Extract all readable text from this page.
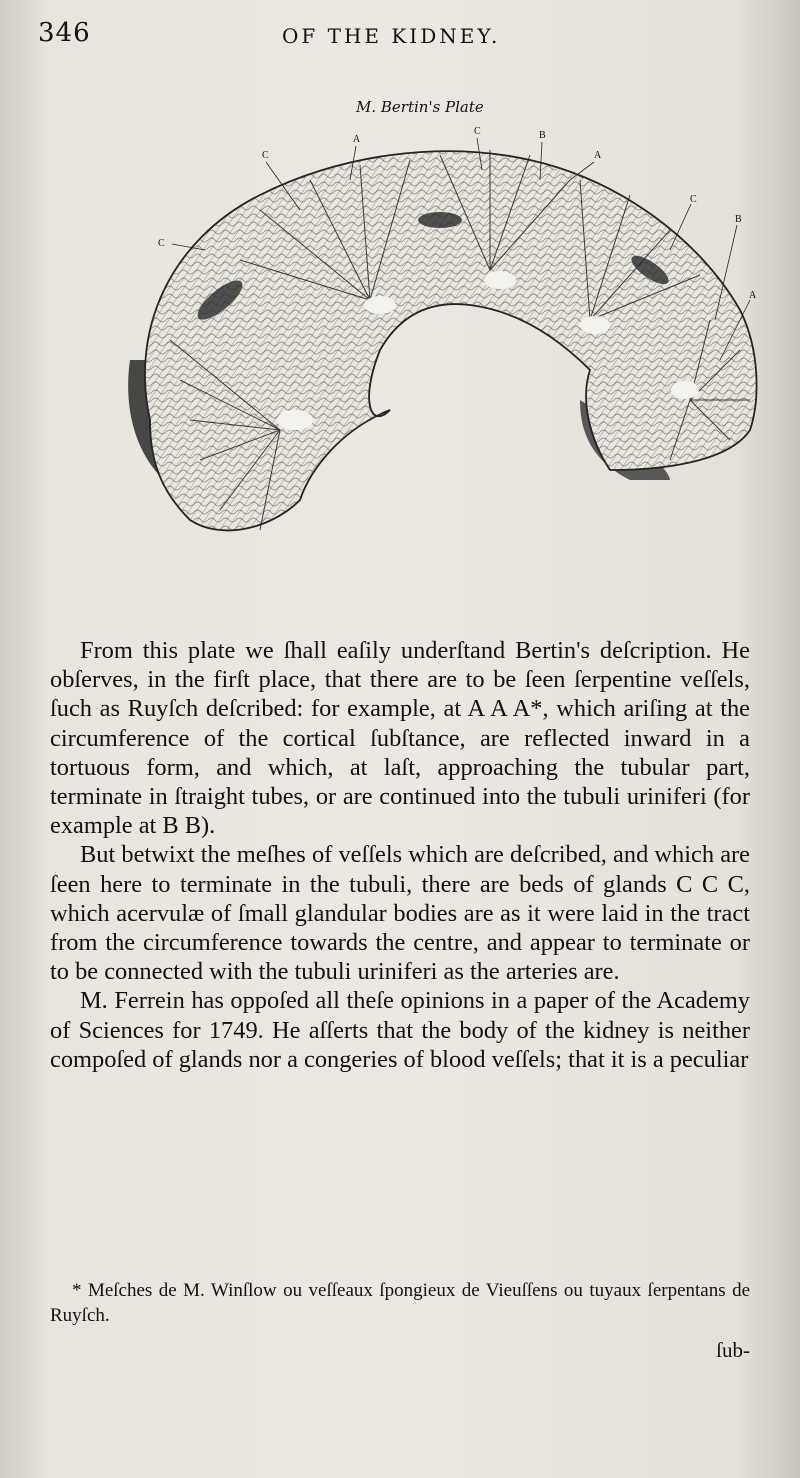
346	OF THE KIDNEY.
M. Bertin's Plate
C
A
C	B
A
C
B
A
C

From this plate we ſhall eaſily underſtand Bertin's deſcription. He obſerves, in the firſt place, that there are to be ſeen ſerpentine veſſels, ſuch as Ruyſch deſcribed: for example, at A A A*, which ariſing at the circumference of the cortical ſubſtance, are reflected inward in a tortuous form, and which, at laſt, approaching the tubular part, terminate in ſtraight tubes, or are continued into the tubuli uriniferi (for example at B B).

But betwixt the meſhes of veſſels which are deſcribed, and which are ſeen here to terminate in the tubuli, there are beds of glands C C C, which acervulæ of ſmall glandular bodies are as it were laid in the tract from the circumference towards the centre, and appear to terminate or to be connected with the tubuli uriniferi as the arteries are.

M. Ferrein has oppoſed all theſe opinions in a paper of the Academy of Sciences for 1749. He aſſerts that the body of the kidney is neither compoſed of glands nor a congeries of blood veſſels; that it is a peculiar

* Meſches de M. Winſlow ou veſſeaux ſpongieux de Vieuſſens ou tuyaux ſerpentans de Ruyſch.
ſub-
